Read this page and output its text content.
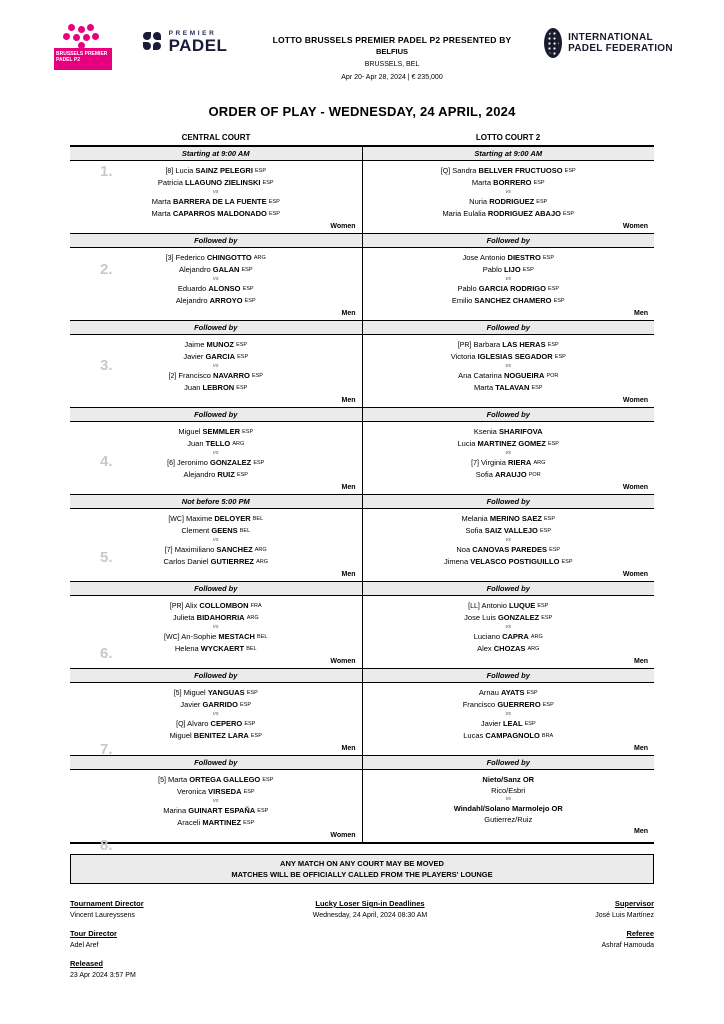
BRUSSELS PREMIER PADEL P2
PREMIER
PADEL	LOTTO BRUSSELS PREMIER PADEL P2 PRESENTED BY
BELFIUS
BRUSSELS, BEL
Apr 20- Apr 28, 2024 | € 235,000
INTERNATIONAL PADEL FEDERATION
ORDER OF PLAY - WEDNESDAY, 24 APRIL, 2024
CENTRAL COURT	LOTTO COURT 2
1.
Starting at 9:00 AM
[8] Lucia SAINZ PELEGRI ESP
Patricia LLAGUNO ZIELINSKI ESP
vs
Marta BARRERA DE LA FUENTE ESP
Marta CAPARROS MALDONADO ESP
Women
Starting at 9:00 AM
[Q] Sandra BELLVER FRUCTUOSO ESP
Marta BORRERO ESP
vs
Nuria RODRIGUEZ ESP
Maria Eulalia RODRIGUEZ ABAJO ESP
Women
2.
Followed by
[3] Federico CHINGOTTO ARG
Alejandro GALAN ESP
vs
Eduardo ALONSO ESP
Alejandro ARROYO ESP
Men
Followed by
Jose Antonio DIESTRO ESP
Pablo LIJO ESP
vs
Pablo GARCIA RODRIGO ESP
Emilio SANCHEZ CHAMERO ESP
Men
3.
Followed by
Jaime MUNOZ ESP
Javier GARCIA ESP
vs
[2] Francisco NAVARRO ESP
Juan LEBRON ESP
Men
Followed by
[PR] Barbara LAS HERAS ESP
Victoria IGLESIAS SEGADOR ESP
vs
Ana Catarina NOGUEIRA POR
Marta TALAVAN ESP
Women
4.
Followed by
Miguel SEMMLER ESP
Juan TELLO ARG
vs
[6] Jeronimo GONZALEZ ESP
Alejandro RUIZ ESP
Men
Followed by
Ksenia SHARIFOVA
Lucia MARTINEZ GOMEZ ESP
vs
[7] Virginia RIERA ARG
Sofia ARAUJO POR
Women
5.
Not before 5:00 PM
[WC] Maxime DELOYER BEL
Clement GEENS BEL
vs
[7] Maximiliano SANCHEZ ARG
Carlos Daniel GUTIERREZ ARG
Men
Followed by
Melania MERINO SAEZ ESP
Sofia SAIZ VALLEJO ESP
vs
Noa CANOVAS PAREDES ESP
Jimena VELASCO POSTIGUILLO ESP
Women
6.
Followed by
[PR] Alix COLLOMBON FRA
Julieta BIDAHORRIA ARG
vs
[WC] An-Sophie MESTACH BEL
Helena WYCKAERT BEL
Women
Followed by
[LL] Antonio LUQUE ESP
Jose Luis GONZALEZ ESP
vs
Luciano CAPRA ARG
Alex CHOZAS ARG
Men
7.
Followed by
[5] Miguel YANGUAS ESP
Javier GARRIDO ESP
vs
[Q] Alvaro CEPERO ESP
Miguel BENITEZ LARA ESP
Men
Followed by
Arnau AYATS ESP
Francisco GUERRERO ESP
vs
Javier LEAL ESP
Lucas CAMPAGNOLO BRA
Men
8.
Followed by
[5] Marta ORTEGA GALLEGO ESP
Veronica VIRSEDA ESP
vs
Marina GUINART ESPAÑA ESP
Araceli MARTINEZ ESP
Women
Followed by
Nieto/Sanz OR
Rico/Esbri
vs
Windahl/Solano Marmolejo OR
Gutierrez/Ruiz
Men
ANY MATCH ON ANY COURT MAY BE MOVED
MATCHES WILL BE OFFICIALLY CALLED FROM THE PLAYERS' LOUNGE
Tournament Director
Vincent Laureyssens
Tour Director
Adel Aref
Released
23 Apr 2024 3:57 PM
Lucky Loser Sign-in Deadlines
Wednesday, 24 April, 2024 08:30 AM
Supervisor
José Luis Martínez
Referee
Ashraf Hamouda
